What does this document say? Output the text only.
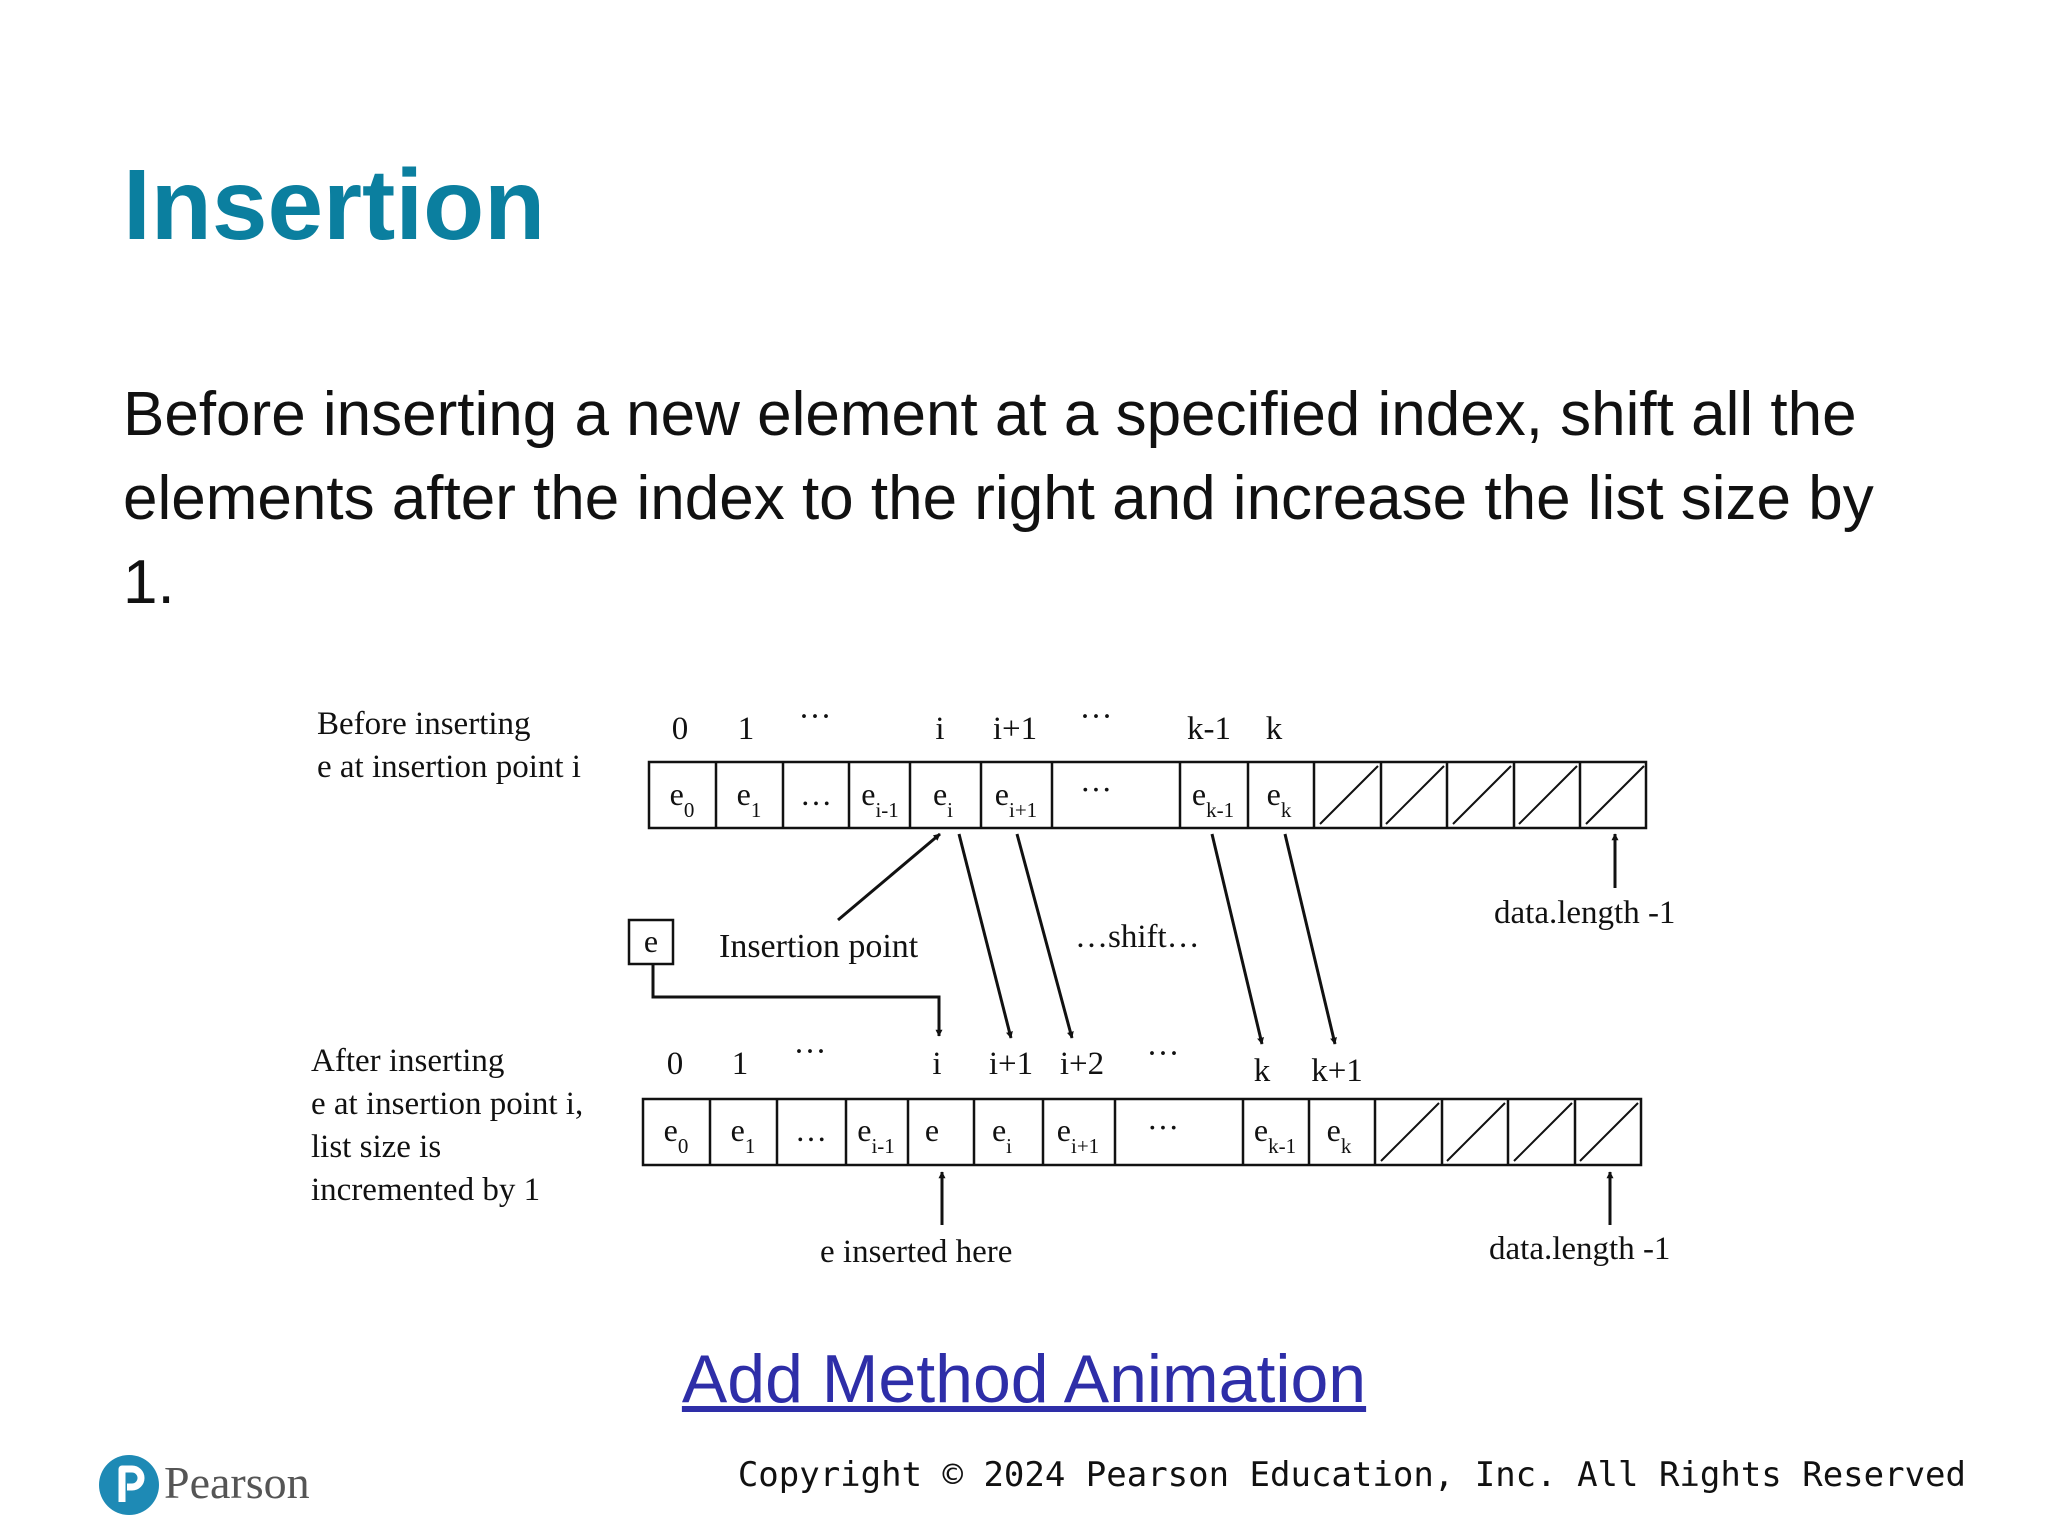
Insertion

Before inserting a new element at a specified index, shift all the elements after the index to the right and increase the list size by 1.

Before inserting
e at insertion point i
After inserting
e at insertion point i,
list size is
incremented by 1
0 1 ···	i i+1 ··· k-1 k
$e_0$ $e_1$ … $e_{i-1}$ $e_i$ $e_{i+1}$
··· $e_{k-1}$ $e_k$
data.length -1
Insertion point
e	…shift…
0 1 ···	i i+1 i+2 ··· k k+1
$e_0$ $e_1$ … $e_{i-1}$ e $e_i$ $e_{i+1}$
··· $e_{k-1}$ $e_k$
e inserted here	data.length -1
Add Method Animation
Pearson	Copyright © 2024 Pearson Education, Inc. All Rights Reserved
